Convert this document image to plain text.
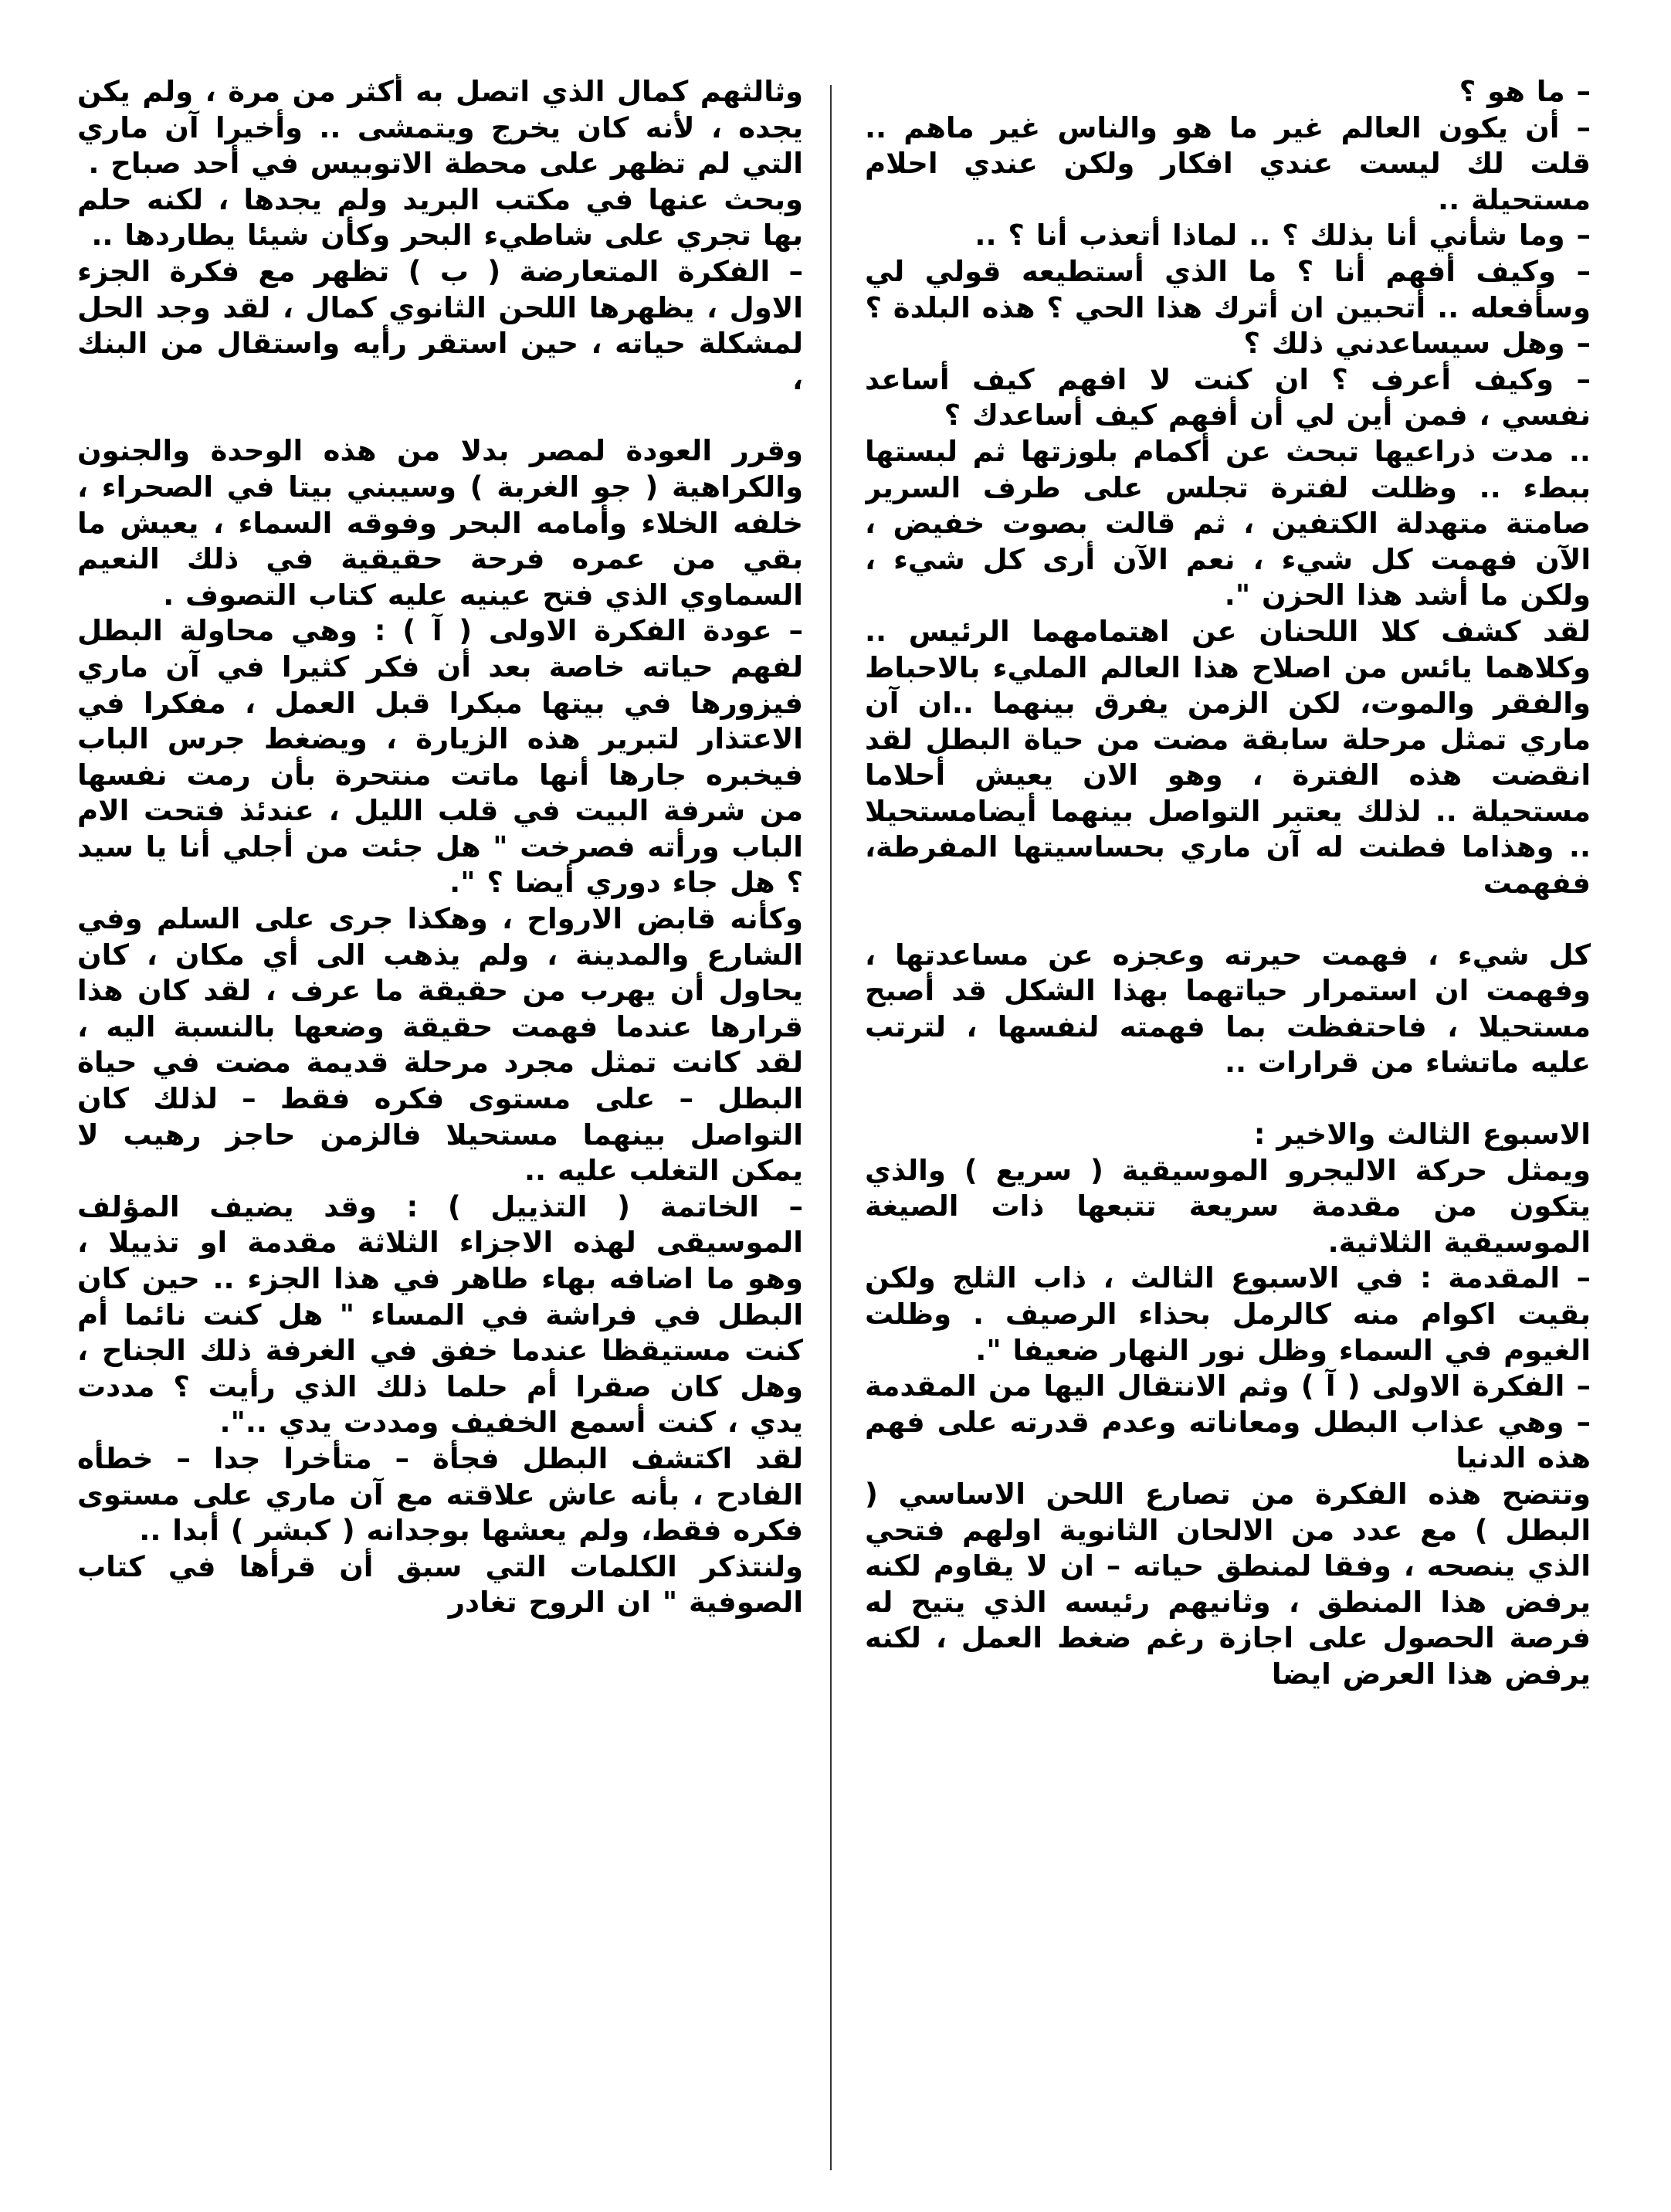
– ما هو ؟
– أن يكون العالم غير ما هو والناس غير ماهم .. قلت لك ليست عندي افكار ولكن عندي احلام مستحيلة ..
– وما شأني أنا بذلك ؟ .. لماذا أتعذب أنا ؟ ..
– وكيف أفهم أنا ؟ ما الذي أستطيعه قولي لي وسأفعله .. أتحبين ان أترك هذا الحي ؟ هذه البلدة ؟
– وهل سيساعدني ذلك ؟
– وكيف أعرف ؟ ان كنت لا افهم كيف أساعد نفسي ، فمن أين لي أن أفهم كيف أساعدك ؟
.. مدت ذراعيها تبحث عن أكمام بلوزتها ثم لبستها ببطء .. وظلت لفترة تجلس على طرف السرير صامتة متهدلة الكتفين ، ثم قالت بصوت خفيض ، الآن فهمت كل شيء ، نعم الآن أرى كل شيء ، ولكن ما أشد هذا الحزن ".
لقد كشف كلا اللحنان عن اهتمامهما الرئيس .. وكلاهما يائس من اصلاح هذا العالم المليء بالاحباط والفقر والموت، لكن الزمن يفرق بينهما ..ان آن ماري تمثل مرحلة سابقة مضت من حياة البطل لقد انقضت هذه الفترة ، وهو الان يعيش أحلاما مستحيلة .. لذلك يعتبر التواصل بينهما أيضامستحيلا .. وهذاما فطنت له آن ماري بحساسيتها المفرطة، ففهمت

كل شيء ، فهمت حيرته وعجزه عن مساعدتها ، وفهمت ان استمرار حياتهما بهذا الشكل قد أصبح مستحيلا ، فاحتفظت بما فهمته لنفسها ، لترتب عليه ماتشاء من قرارات ..

الاسبوع الثالث والاخير :
ويمثل حركة الاليجرو الموسيقية ( سريع ) والذي يتكون من مقدمة سريعة تتبعها ذات الصيغة الموسيقية الثلاثية.
– المقدمة : في الاسبوع الثالث ، ذاب الثلج ولكن بقيت اكوام منه كالرمل بحذاء الرصيف . وظلت الغيوم في السماء وظل نور النهار ضعيفا ".
– الفكرة الاولى ( آ ) وثم الانتقال اليها من المقدمة – وهي عذاب البطل ومعاناته وعدم قدرته على فهم هذه الدنيا
وتتضح هذه الفكرة من تصارع اللحن الاساسي ( البطل ) مع عدد من الالحان الثانوية اولهم فتحي الذي ينصحه ، وفقا لمنطق حياته – ان لا يقاوم لكنه يرفض هذا المنطق ، وثانيهم رئيسه الذي يتيح له فرصة الحصول على اجازة رغم ضغط العمل ، لكنه يرفض هذا العرض ايضا

وثالثهم كمال الذي اتصل به أكثر من مرة ، ولم يكن يجده ، لأنه كان يخرج ويتمشى .. وأخيرا آن ماري التي لم تظهر على محطة الاتوبيس في أحد صباح .
وبحث عنها في مكتب البريد ولم يجدها ، لكنه حلم بها تجري على شاطيء البحر وكأن شيئا يطاردها ..
– الفكرة المتعارضة ( ب ) تظهر مع فكرة الجزء الاول ، يظهرها اللحن الثانوي كمال ، لقد وجد الحل لمشكلة حياته ، حين استقر رأيه واستقال من البنك ،

وقرر العودة لمصر بدلا من هذه الوحدة والجنون والكراهية ( جو الغربة ) وسيبني بيتا في الصحراء ، خلفه الخلاء وأمامه البحر وفوقه السماء ، يعيش ما بقي من عمره فرحة حقيقية في ذلك النعيم السماوي الذي فتح عينيه عليه كتاب التصوف .
– عودة الفكرة الاولى ( آ ) : وهي محاولة البطل لفهم حياته خاصة بعد أن فكر كثيرا في آن ماري فيزورها في بيتها مبكرا قبل العمل ، مفكرا في الاعتذار لتبرير هذه الزيارة ، ويضغط جرس الباب فيخبره جارها أنها ماتت منتحرة بأن رمت نفسها من شرفة البيت في قلب الليل ، عندئذ فتحت الام الباب ورأته فصرخت " هل جئت من أجلي أنا يا سيد ؟ هل جاء دوري أيضا ؟ ".
وكأنه قابض الارواح ، وهكذا جرى على السلم وفي الشارع والمدينة ، ولم يذهب الى أي مكان ، كان يحاول أن يهرب من حقيقة ما عرف ، لقد كان هذا قرارها عندما فهمت حقيقة وضعها بالنسبة اليه ، لقد كانت تمثل مجرد مرحلة قديمة مضت في حياة البطل – على مستوى فكره فقط – لذلك كان التواصل بينهما مستحيلا فالزمن حاجز رهيب لا يمكن التغلب عليه ..
– الخاتمة ( التذييل ) : وقد يضيف المؤلف الموسيقى لهذه الاجزاء الثلاثة مقدمة او تذييلا ، وهو ما اضافه بهاء طاهر في هذا الجزء .. حين كان البطل في فراشة في المساء " هل كنت نائما أم كنت مستيقظا عندما خفق في الغرفة ذلك الجناح ، وهل كان صقرا أم حلما ذلك الذي رأيت ؟ مددت يدي ، كنت أسمع الخفيف ومددت يدي ..".
لقد اكتشف البطل فجأة – متأخرا جدا – خطأه الفادح ، بأنه عاش علاقته مع آن ماري على مستوى فكره فقط، ولم يعشها بوجدانه ( كبشر ) أبدا ..
ولنتذكر الكلمات التي سبق أن قرأها في كتاب الصوفية " ان الروح تغادر
